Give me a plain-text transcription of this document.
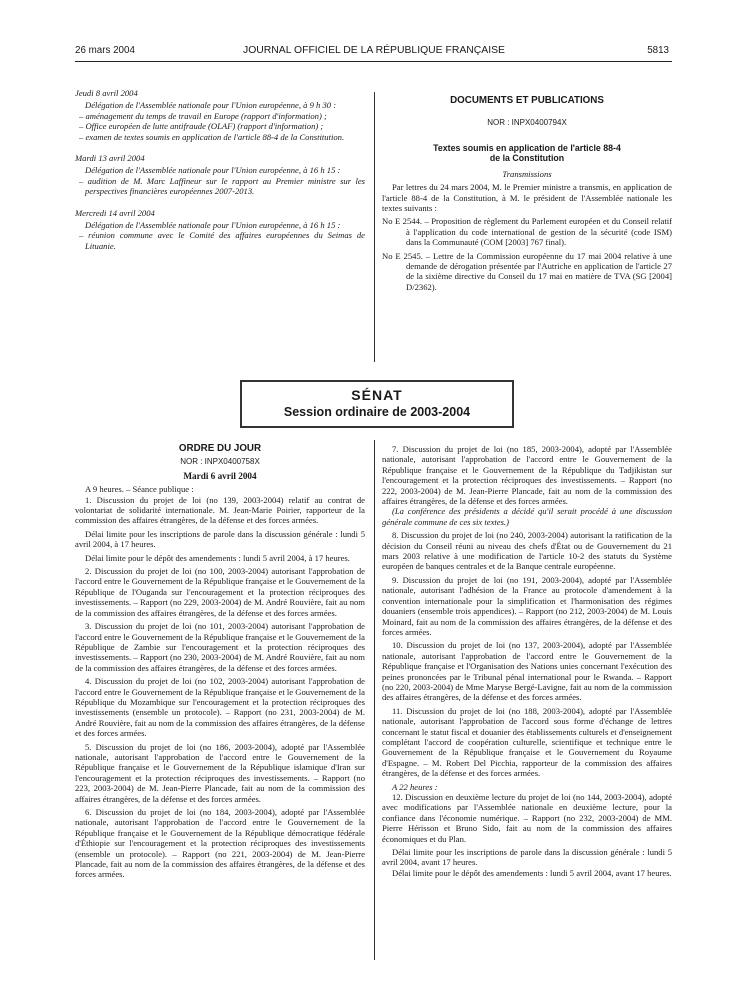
26 mars 2004	JOURNAL OFFICIEL DE LA RÉPUBLIQUE FRANÇAISE	5813

Jeudi 8 avril 2004

Délégation de l'Assemblée nationale pour l'Union européenne, à 9 h 30 :

– aménagement du temps de travail en Europe (rapport d'information) ;

– Office européen de lutte antifraude (OLAF) (rapport d'information) ;

– examen de textes soumis en application de l'article 88-4 de la Constitution.

Mardi 13 avril 2004

Délégation de l'Assemblée nationale pour l'Union européenne, à 16 h 15 :

– audition de M. Marc Laffineur sur le rapport au Premier ministre sur les perspectives financières européennes 2007-2013.

Mercredi 14 avril 2004

Délégation de l'Assemblée nationale pour l'Union européenne, à 16 h 15 :

– réunion commune avec le Comité des affaires européennes du Seimas de Lituanie.

DOCUMENTS ET PUBLICATIONS

NOR : INPX0400794X

Textes soumis en application de l'article 88-4

de la Constitution

Transmissions

Par lettres du 24 mars 2004, M. le Premier ministre a transmis, en application de l'article 88-4 de la Constitution, à M. le président de l'Assemblée nationale les textes suivants :

No E 2544. – Proposition de règlement du Parlement européen et du Conseil relatif à l'application du code international de gestion de la sécurité (code ISM) dans la Communauté (COM [2003] 767 final).

No E 2545. – Lettre de la Commission européenne du 17 mai 2004 relative à une demande de dérogation présentée par l'Autriche en application de l'article 27 de la sixième directive du Conseil du 17 mai en matière de TVA (SG [2004] D/2362).

SÉNAT
Session ordinaire de 2003-2004

ORDRE DU JOUR

NOR : INPX0400758X

Mardi 6 avril 2004

A 9 heures. – Séance publique :

1. Discussion du projet de loi (no 139, 2003-2004) relatif au contrat de volontariat de solidarité internationale. M. Jean-Marie Poirier, rapporteur de la commission des affaires étrangères, de la défense et des forces armées.

Délai limite pour les inscriptions de parole dans la discussion générale : lundi 5 avril 2004, à 17 heures.

Délai limite pour le dépôt des amendements : lundi 5 avril 2004, à 17 heures.

2. Discussion du projet de loi (no 100, 2003-2004) autorisant l'approbation de l'accord entre le Gouvernement de la République française et le Gouvernement de la République de l'Ouganda sur l'encouragement et la protection réciproques des investissements. – Rapport (no 229, 2003-2004) de M. André Rouvière, fait au nom de la commission des affaires étrangères, de la défense et des forces armées.

3. Discussion du projet de loi (no 101, 2003-2004) autorisant l'approbation de l'accord entre le Gouvernement de la République française et le Gouvernement de la République de Zambie sur l'encouragement et la protection réciproques des investissements. – Rapport (no 230, 2003-2004) de M. André Rouvière, fait au nom de la commission des affaires étrangères, de la défense et des forces armées.

4. Discussion du projet de loi (no 102, 2003-2004) autorisant l'approbation de l'accord entre le Gouvernement de la République française et le Gouvernement de la République du Mozambique sur l'encouragement et la protection réciproques des investissements (ensemble un protocole). – Rapport (no 231, 2003-2004) de M. André Rouvière, fait au nom de la commission des affaires étrangères, de la défense et des forces armées.

5. Discussion du projet de loi (no 186, 2003-2004), adopté par l'Assemblée nationale, autorisant l'approbation de l'accord entre le Gouvernement de la République française et le Gouvernement de la République islamique d'Iran sur l'encouragement et la protection réciproques des investissements. – Rapport (no 223, 2003-2004) de M. Jean-Pierre Plancade, fait au nom de la commission des affaires étrangères, de la défense et des forces armées.

6. Discussion du projet de loi (no 184, 2003-2004), adopté par l'Assemblée nationale, autorisant l'approbation de l'accord entre le Gouvernement de la République française et le Gouvernement de la République démocratique fédérale d'Éthiopie sur l'encouragement et la protection réciproques des investissements (ensemble un protocole). – Rapport (no 221, 2003-2004) de M. Jean-Pierre Plancade, fait au nom de la commission des affaires étrangères, de la défense et des forces armées.

7. Discussion du projet de loi (no 185, 2003-2004), adopté par l'Assemblée nationale, autorisant l'approbation de l'accord entre le Gouvernement de la République française et le Gouvernement de la République du Tadjikistan sur l'encouragement et la protection réciproques des investissements. – Rapport (no 222, 2003-2004) de M. Jean-Pierre Plancade, fait au nom de la commission des affaires étrangères, de la défense et des forces armées.

(La conférence des présidents a décidé qu'il serait procédé à une discussion générale commune de ces six textes.)

8. Discussion du projet de loi (no 240, 2003-2004) autorisant la ratification de la décision du Conseil réuni au niveau des chefs d'État ou de Gouvernement du 21 mars 2003 relative à une modification de l'article 10-2 des statuts du Système européen de banques centrales et de la Banque centrale européenne.

9. Discussion du projet de loi (no 191, 2003-2004), adopté par l'Assemblée nationale, autorisant l'adhésion de la France au protocole d'amendement à la convention internationale pour la simplification et l'harmonisation des régimes douaniers (ensemble trois appendices). – Rapport (no 212, 2003-2004) de M. Louis Moinard, fait au nom de la commission des affaires étrangères, de la défense et des forces armées.

10. Discussion du projet de loi (no 137, 2003-2004), adopté par l'Assemblée nationale, autorisant l'approbation de l'accord entre le Gouvernement de la République française et l'Organisation des Nations unies concernant l'exécution des peines prononcées par le Tribunal pénal international pour le Rwanda. – Rapport (no 220, 2003-2004) de Mme Maryse Bergé-Lavigne, fait au nom de la commission des affaires étrangères, de la défense et des forces armées.

11. Discussion du projet de loi (no 188, 2003-2004), adopté par l'Assemblée nationale, autorisant l'approbation de l'accord sous forme d'échange de lettres concernant le statut fiscal et douanier des établissements culturels et d'enseignement complétant l'accord de coopération culturelle, scientifique et technique entre le Gouvernement de la République française et le Gouvernement du Royaume d'Espagne. – M. Robert Del Picchia, rapporteur de la commission des affaires étrangères, de la défense et des forces armées.

A 22 heures :

12. Discussion en deuxième lecture du projet de loi (no 144, 2003-2004), adopté avec modifications par l'Assemblée nationale en deuxième lecture, pour la confiance dans l'économie numérique. – Rapport (no 232, 2003-2004) de MM. Pierre Hérisson et Bruno Sido, fait au nom de la commission des affaires économiques et du Plan.

Délai limite pour les inscriptions de parole dans la discussion générale : lundi 5 avril 2004, avant 17 heures.

Délai limite pour le dépôt des amendements : lundi 5 avril 2004, avant 17 heures.
